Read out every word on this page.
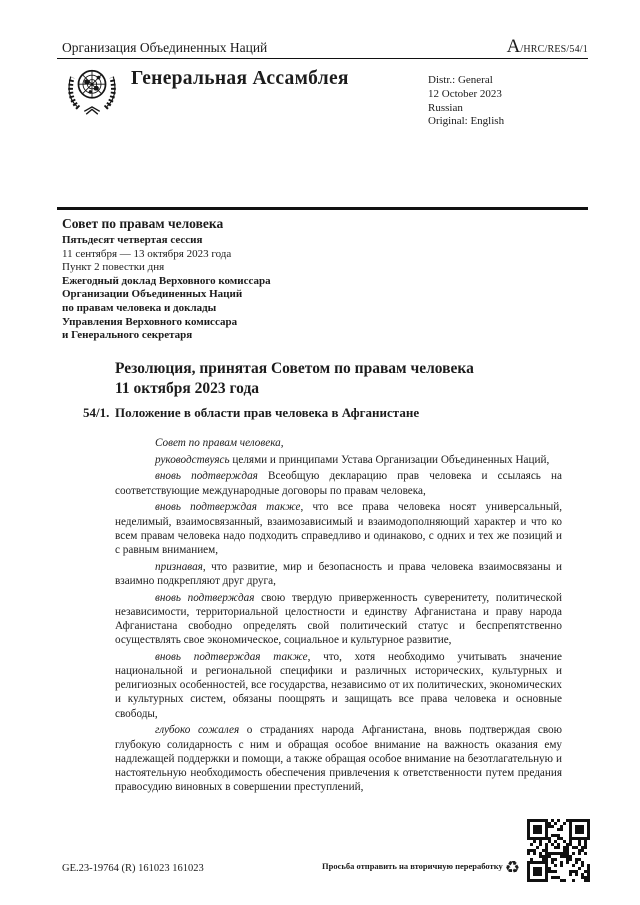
Организация Объединенных Наций	A/HRC/RES/54/1
Генеральная Ассамблея	Distr.: General
12 October 2023
Russian
Original: English
Совет по правам человека
Пятьдесят четвертая сессия
11 сентября — 13 октября 2023 года
Пункт 2 повестки дня
Ежегодный доклад Верховного комиссара
Организации Объединенных Наций
по правам человека и доклады
Управления Верховного комиссара
и Генерального секретаря
Резолюция, принятая Советом по правам человека
11 октября 2023 года
54/1. Положение в области прав человека в Афганистане

Совет по правам человека,

руководствуясь целями и принципами Устава Организации Объединенных Наций,

вновь подтверждая Всеобщую декларацию прав человека и ссылаясь на соответствующие международные договоры по правам человека,

вновь подтверждая также, что все права человека носят универсальный, неделимый, взаимосвязанный, взаимозависимый и взаимодополняющий характер и что ко всем правам человека надо подходить справедливо и одинаково, с одних и тех же позиций и с равным вниманием,

признавая, что развитие, мир и безопасность и права человека взаимосвязаны и взаимно подкрепляют друг друга,

вновь подтверждая свою твердую приверженность суверенитету, политической независимости, территориальной целостности и единству Афганистана и праву народа Афганистана свободно определять свой политический статус и беспрепятственно осуществлять свое экономическое, социальное и культурное развитие,

вновь подтверждая также, что, хотя необходимо учитывать значение национальной и региональной специфики и различных исторических, культурных и религиозных особенностей, все государства, независимо от их политических, экономических и культурных систем, обязаны поощрять и защищать все права человека и основные свободы,

глубоко сожалея о страданиях народа Афганистана, вновь подтверждая свою глубокую солидарность с ним и обращая особое внимание на важность оказания ему надлежащей поддержки и помощи, а также обращая особое внимание на безотлагательную и настоятельную необходимость обеспечения привлечения к ответственности путем предания правосудию виновных в совершении преступлений,

GE.23-19764 (R) 161023 161023	Просьба отправить на вторичную переработку ♻
